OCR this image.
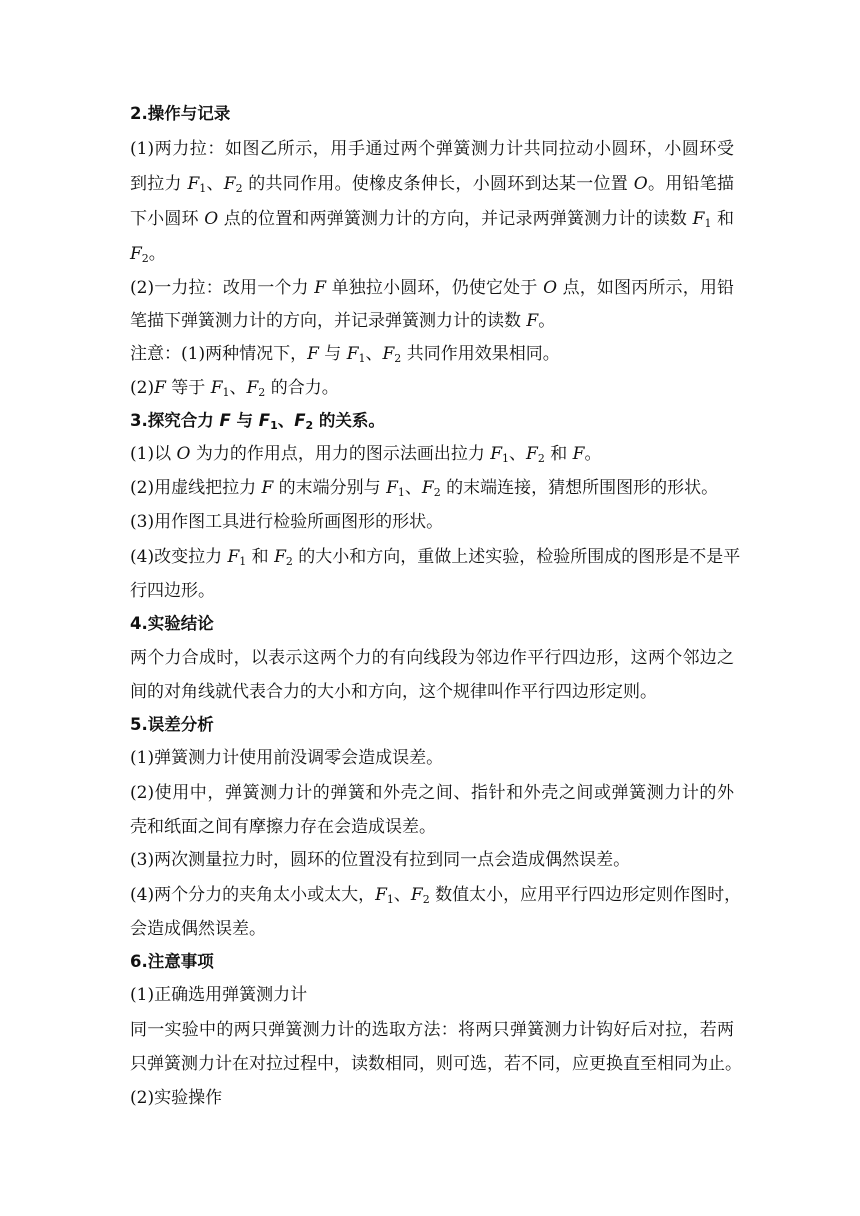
2.操作与记录
(1)两力拉：如图乙所示，用手通过两个弹簧测力计共同拉动小圆环，小圆环受
到拉力 $F_1$、$F_2$ 的共同作用。使橡皮条伸长，小圆环到达某一位置 O。用铅笔描
下小圆环 O 点的位置和两弹簧测力计的方向，并记录两弹簧测力计的读数 $F_1$ 和
$F_2$。
(2)一力拉：改用一个力 F 单独拉小圆环，仍使它处于 O 点，如图丙所示，用铅
笔描下弹簧测力计的方向，并记录弹簧测力计的读数 F。
注意：(1)两种情况下，F 与 $F_1$、$F_2$ 共同作用效果相同。
(2)F 等于 $F_1$、$F_2$ 的合力。
3.探究合力 F 与 $F_1$、$F_2$ 的关系。
(1)以 O 为力的作用点，用力的图示法画出拉力 $F_1$、$F_2$ 和 F。
(2)用虚线把拉力 F 的末端分别与 $F_1$、$F_2$ 的末端连接，猜想所围图形的形状。
(3)用作图工具进行检验所画图形的形状。
(4)改变拉力 $F_1$ 和 $F_2$ 的大小和方向，重做上述实验，检验所围成的图形是不是平
行四边形。
4.实验结论
两个力合成时，以表示这两个力的有向线段为邻边作平行四边形，这两个邻边之
间的对角线就代表合力的大小和方向，这个规律叫作平行四边形定则。
5.误差分析
(1)弹簧测力计使用前没调零会造成误差。
(2)使用中，弹簧测力计的弹簧和外壳之间、指针和外壳之间或弹簧测力计的外
壳和纸面之间有摩擦力存在会造成误差。
(3)两次测量拉力时，圆环的位置没有拉到同一点会造成偶然误差。
(4)两个分力的夹角太小或太大，$F_1$、$F_2$ 数值太小，应用平行四边形定则作图时，
会造成偶然误差。
6.注意事项
(1)正确选用弹簧测力计
同一实验中的两只弹簧测力计的选取方法：将两只弹簧测力计钩好后对拉，若两
只弹簧测力计在对拉过程中，读数相同，则可选，若不同，应更换直至相同为止。
(2)实验操作
